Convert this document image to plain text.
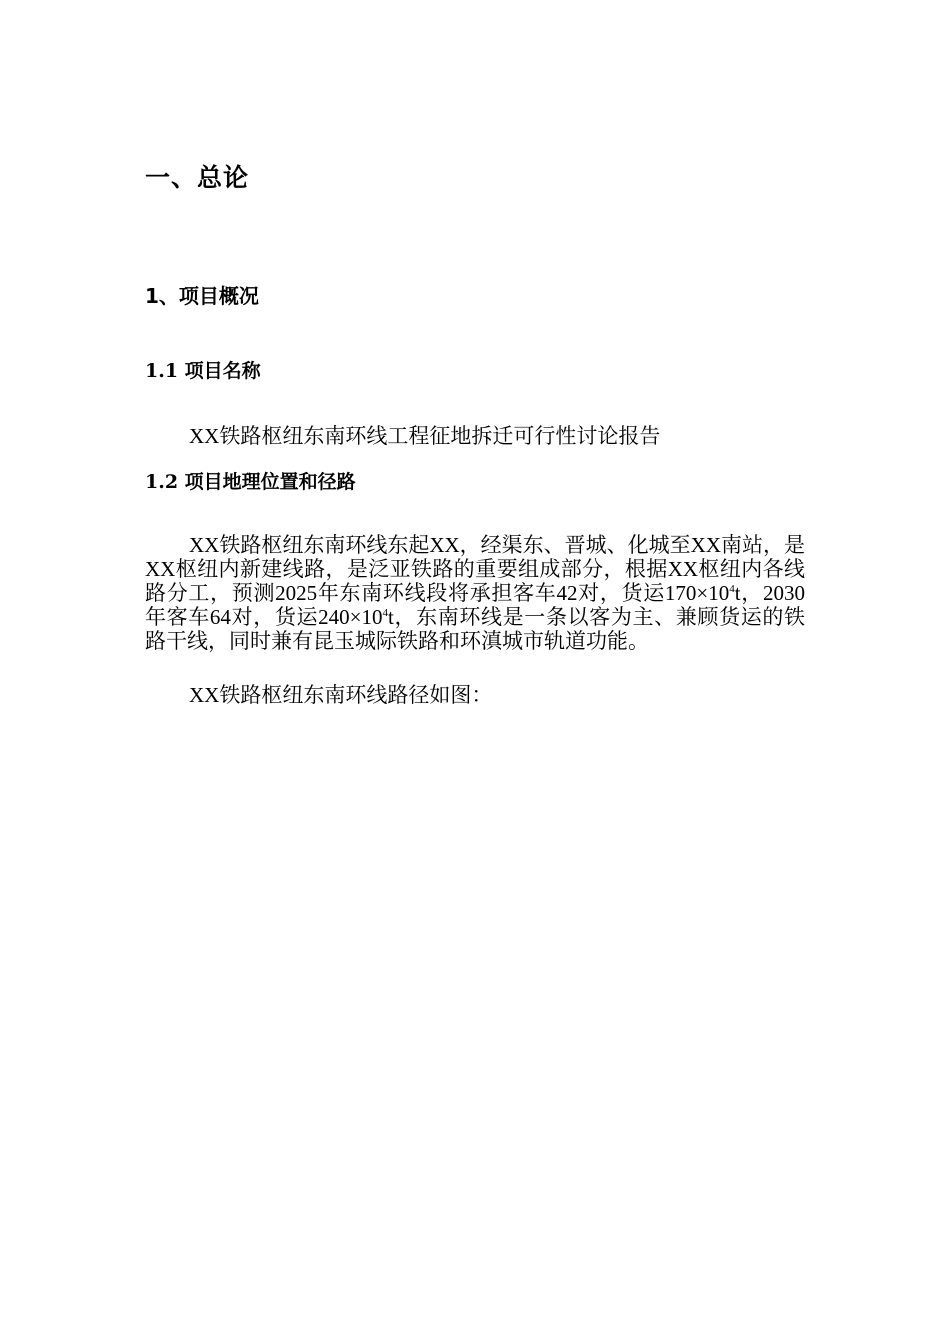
一、总论
1、项目概况
1.1 项目名称

XX铁路枢纽东南环线工程征地拆迁可行性讨论报告

1.2 项目地理位置和径路

XX铁路枢纽东南环线东起XX，经渠东、晋城、化城至XX南站，是XX枢纽内新建线路，是泛亚铁路的重要组成部分，根据XX枢纽内各线路分工，预测2025年东南环线段将承担客车42对，货运$170\times 10^4t$，2030年客车64对，货运$240\times 10^4t$，东南环线是一条以客为主、兼顾货运的铁路干线，同时兼有昆玉城际铁路和环滇城市轨道功能。

XX铁路枢纽东南环线路径如图：
